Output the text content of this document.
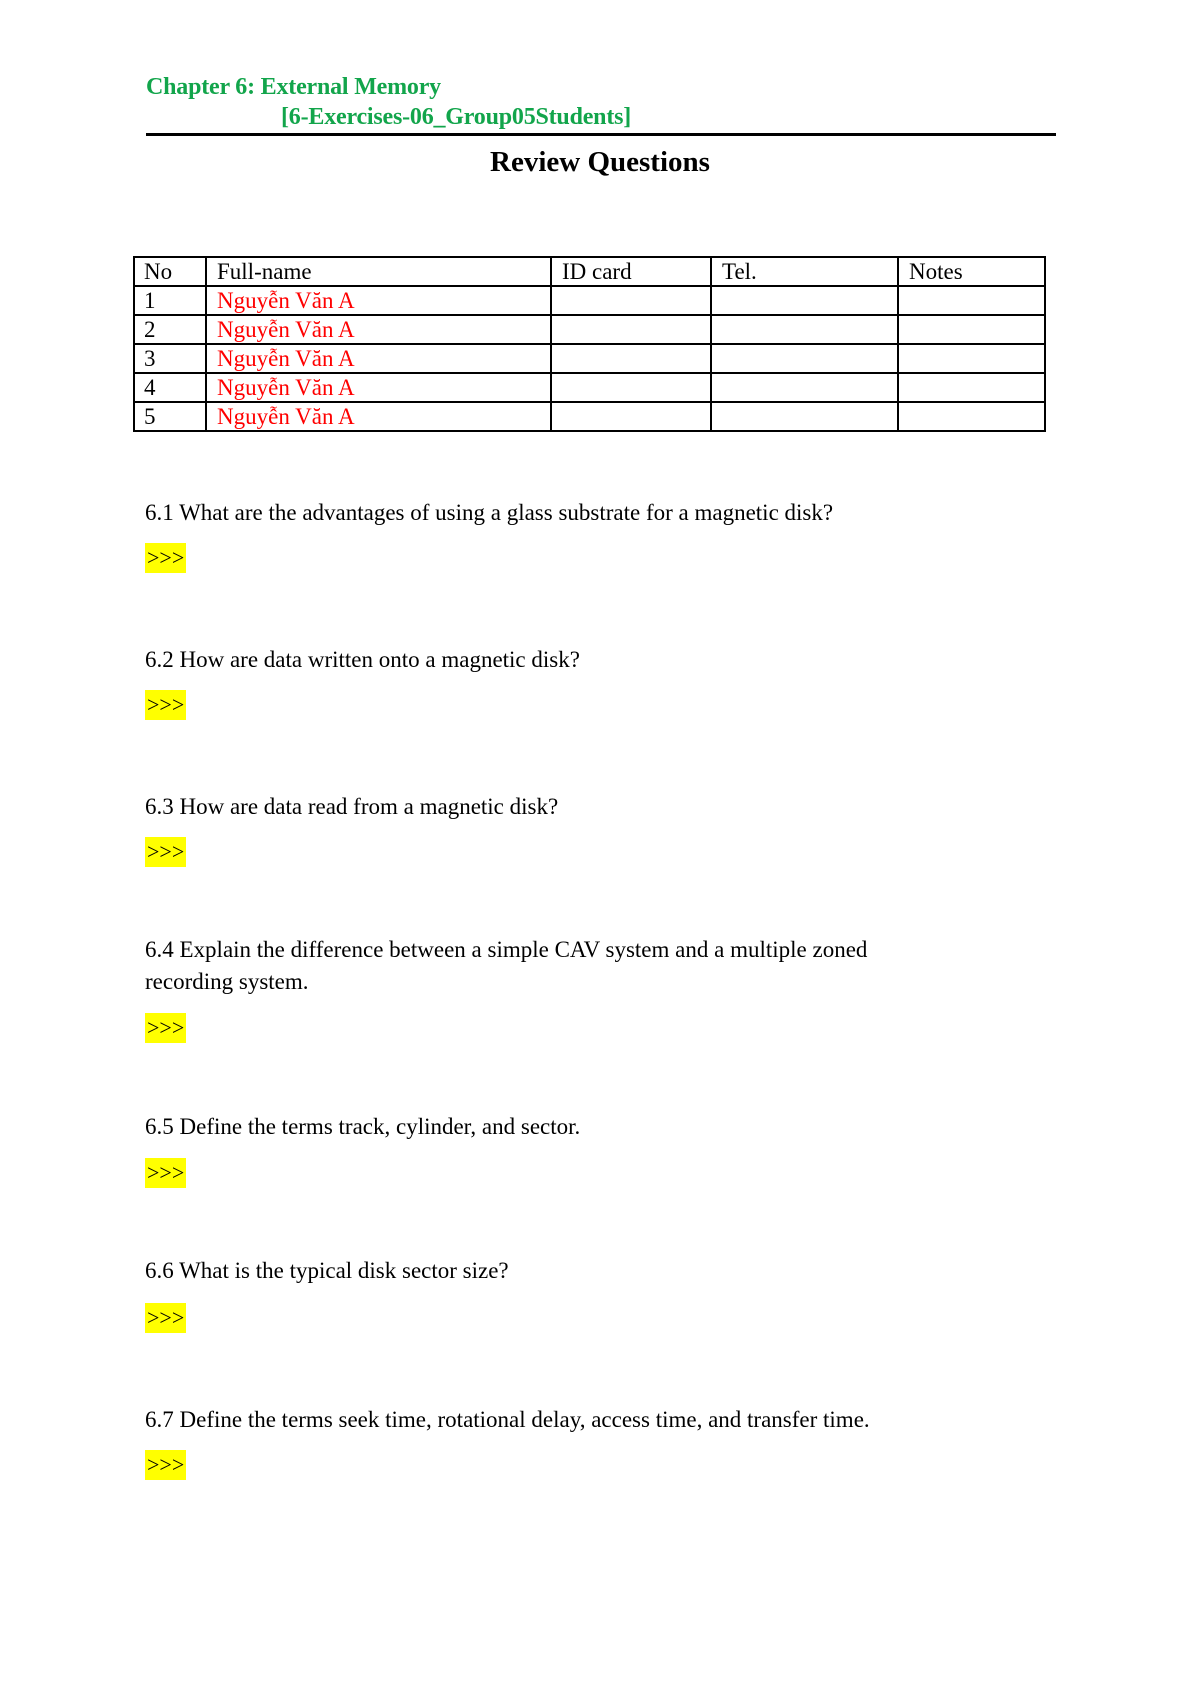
Chapter 6: External Memory
[6-Exercises-06_Group05Students]
Review Questions
No	Full-name	ID card	Tel.	Notes
1	Nguyễn Văn A			
2	Nguyễn Văn A			
3	Nguyễn Văn A			
4	Nguyễn Văn A			
5	Nguyễn Văn A			
6.1 What are the advantages of using a glass substrate for a magnetic disk?
>>>
6.2 How are data written onto a magnetic disk?
>>>
6.3 How are data read from a magnetic disk?
>>>
6.4 Explain the difference between a simple CAV system and a multiple zoned
recording system.
>>>
6.5 Define the terms track, cylinder, and sector.
>>>
6.6 What is the typical disk sector size?
>>>
6.7 Define the terms seek time, rotational delay, access time, and transfer time.
>>>
